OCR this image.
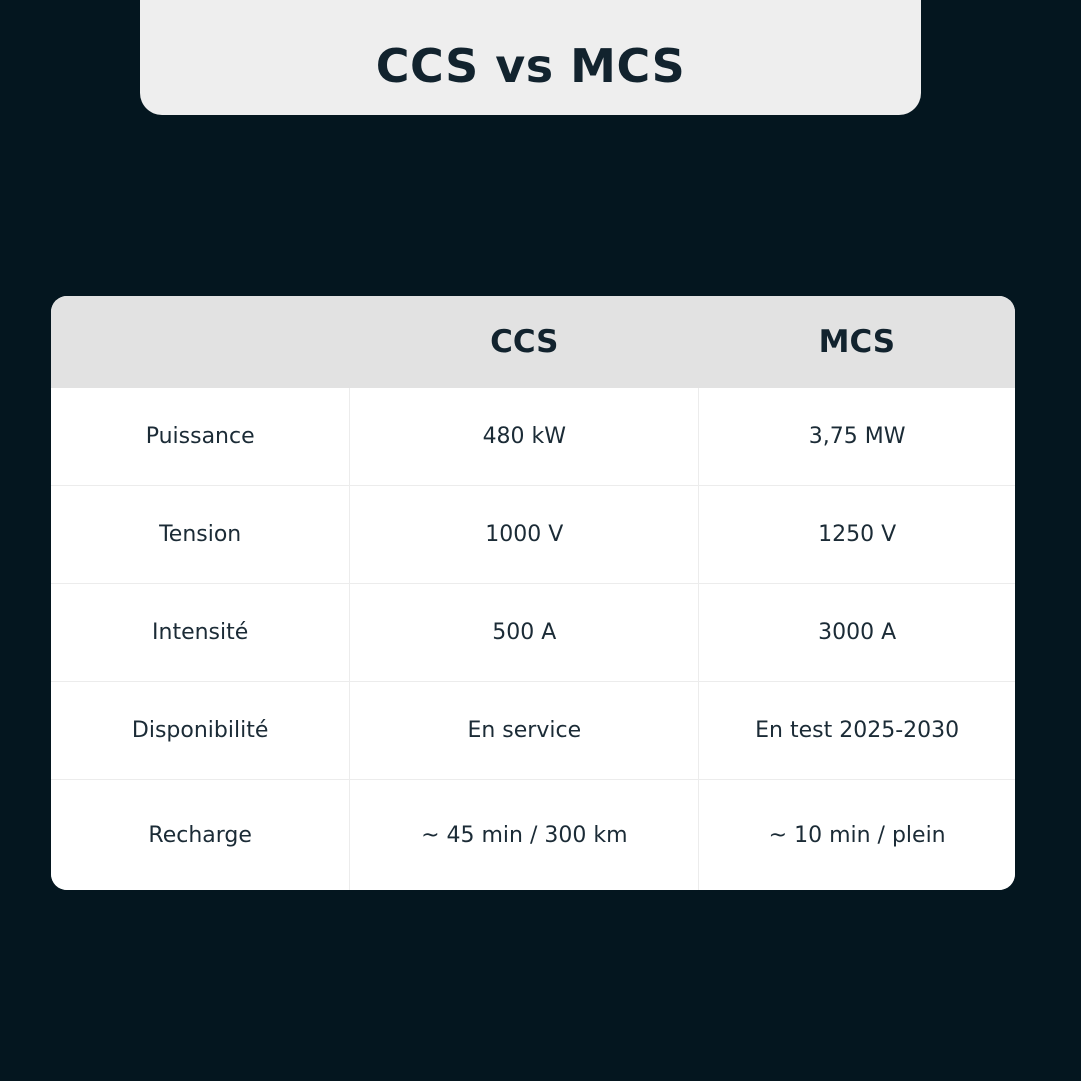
CCS vs MCS
	CCS	MCS
Puissance	480 kW	3,75 MW
Tension	1000 V	1250 V
Intensité	500 A	3000 A
Disponibilité	En service	En test 2025-2030
Recharge	~ 45 min / 300 km	~ 10 min / plein
